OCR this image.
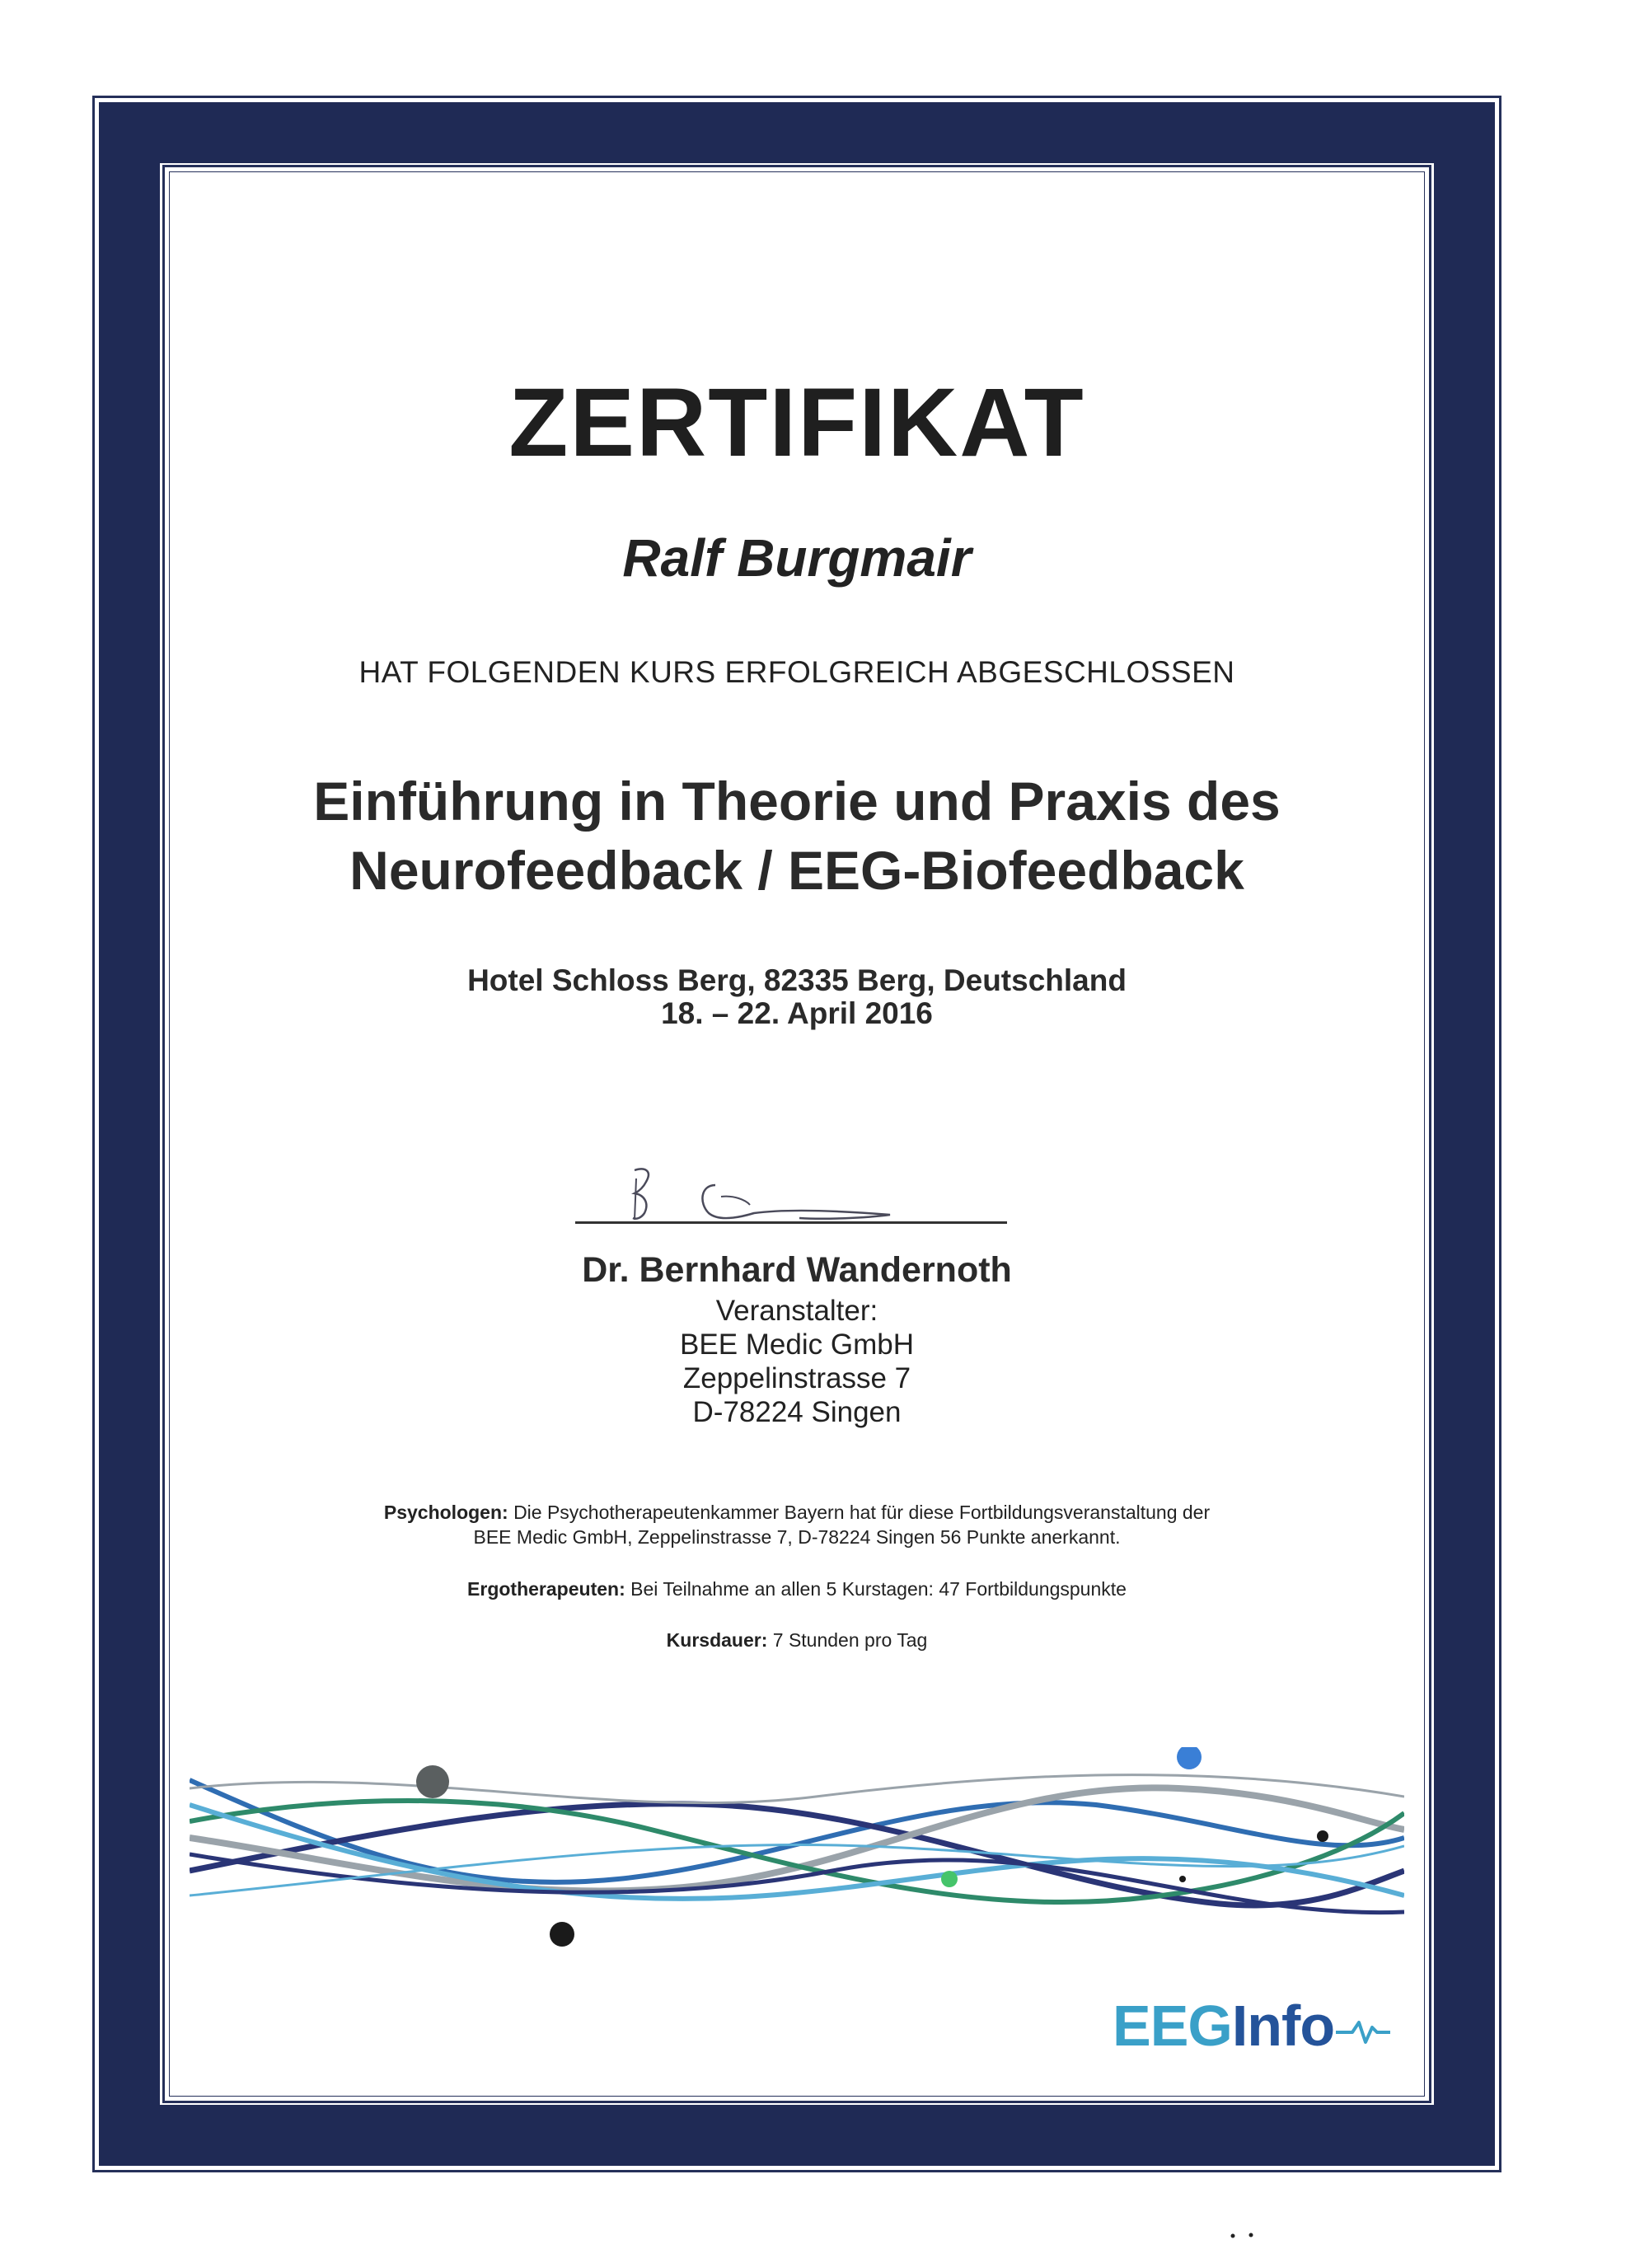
ZERTIFIKAT
Ralf Burgmair
HAT FOLGENDEN KURS ERFOLGREICH ABGESCHLOSSEN
Einführung in Theorie und Praxis des
Neurofeedback / EEG-Biofeedback
Hotel Schloss Berg, 82335 Berg, Deutschland
18. – 22. April 2016
Dr. Bernhard Wandernoth
Veranstalter:
BEE Medic GmbH
Zeppelinstrasse 7
D-78224 Singen
Psychologen: Die Psychotherapeutenkammer Bayern hat für diese Fortbildungsveranstaltung der
BEE Medic GmbH, Zeppelinstrasse 7, D-78224 Singen 56 Punkte anerkannt.
Ergotherapeuten: Bei Teilnahme an allen 5 Kurstagen: 47 Fortbildungspunkte
Kursdauer: 7 Stunden pro Tag
EEGInfo
